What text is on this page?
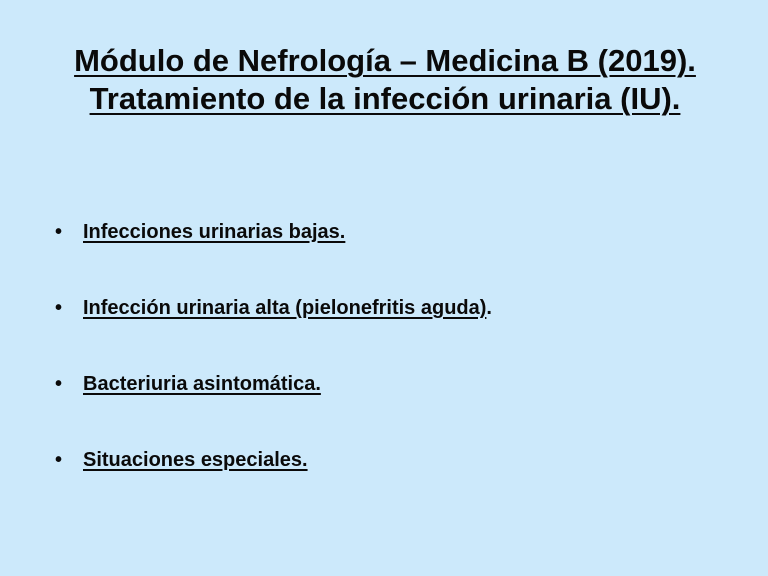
Módulo de Nefrología – Medicina B (2019). Tratamiento de la infección urinaria (IU).
• Infecciones urinarias bajas.
• Infección urinaria alta (pielonefritis aguda).
• Bacteriuria asintomática.
• Situaciones especiales.
